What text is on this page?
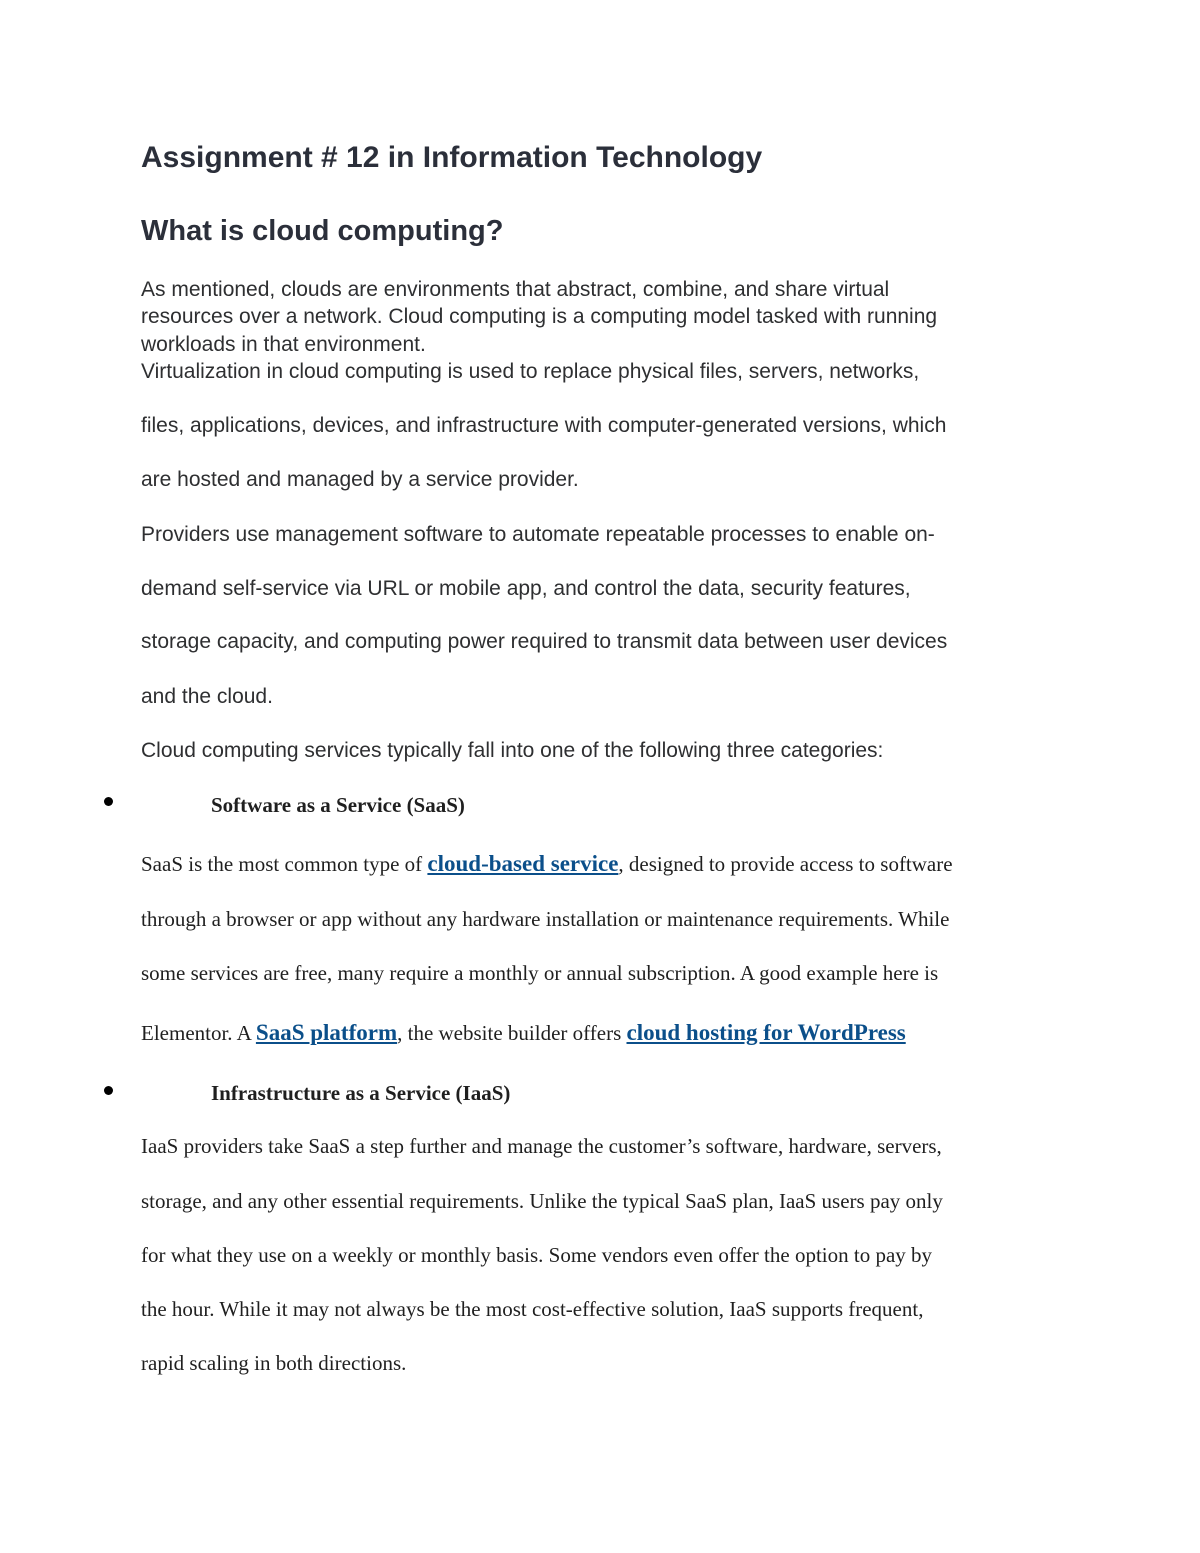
Assignment # 12 in Information Technology
What is cloud computing?
As mentioned, clouds are environments that abstract, combine, and share virtual
resources over a network. Cloud computing is a computing model tasked with running
workloads in that environment.
Virtualization in cloud computing is used to replace physical files, servers, networks,
files, applications, devices, and infrastructure with computer-generated versions, which
are hosted and managed by a service provider.
Providers use management software to automate repeatable processes to enable on-
demand self-service via URL or mobile app, and control the data, security features,
storage capacity, and computing power required to transmit data between user devices
and the cloud.
Cloud computing services typically fall into one of the following three categories:
Software as a Service (SaaS)
SaaS is the most common type of cloud-based service, designed to provide access to software
through a browser or app without any hardware installation or maintenance requirements. While
some services are free, many require a monthly or annual subscription. A good example here is
Elementor. A SaaS platform, the website builder offers cloud hosting for WordPress
Infrastructure as a Service (IaaS)
IaaS providers take SaaS a step further and manage the customer’s software, hardware, servers,
storage, and any other essential requirements. Unlike the typical SaaS plan, IaaS users pay only
for what they use on a weekly or monthly basis. Some vendors even offer the option to pay by
the hour. While it may not always be the most cost-effective solution, IaaS supports frequent,
rapid scaling in both directions.
